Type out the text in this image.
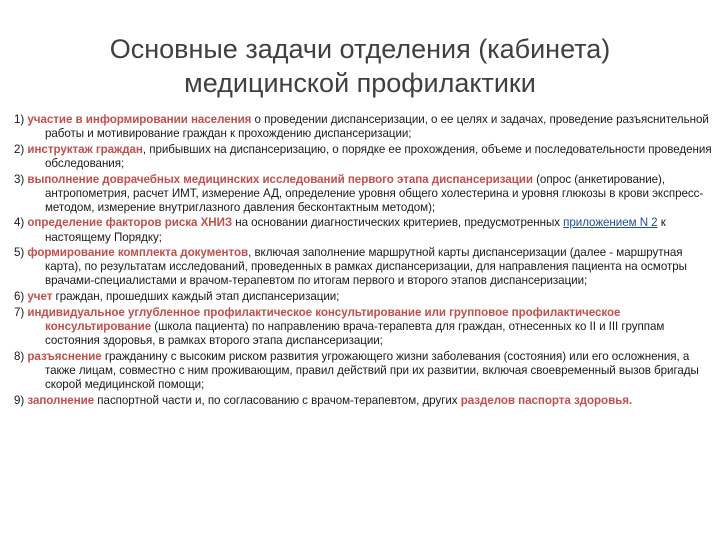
Основные задачи отделения (кабинета)
медицинской профилактики
1) участие в информировании населения о проведении диспансеризации, о ее целях и задачах, проведение разъяснительной работы и мотивирование граждан к прохождению диспансеризации;
2) инструктаж граждан, прибывших на диспансеризацию, о порядке ее прохождения, объеме и последовательности проведения обследования;
3) выполнение доврачебных медицинских исследований первого этапа диспансеризации (опрос (анкетирование), антропометрия, расчет ИМТ, измерение АД, определение уровня общего холестерина и уровня глюкозы в крови экспресс-методом, измерение внутриглазного давления бесконтактным методом);
4) определение факторов риска ХНИЗ на основании диагностических критериев, предусмотренных приложением N 2 к настоящему Порядку;
5) формирование комплекта документов, включая заполнение маршрутной карты диспансеризации (далее - маршрутная карта), по результатам исследований, проведенных в рамках диспансеризации, для направления пациента на осмотры врачами-специалистами и врачом-терапевтом по итогам первого и второго этапов диспансеризации;
6) учет граждан, прошедших каждый этап диспансеризации;
7) индивидуальное углубленное профилактическое консультирование или групповое профилактическое консультирование (школа пациента) по направлению врача-терапевта для граждан, отнесенных ко II и III группам состояния здоровья, в рамках второго этапа диспансеризации;
8) разъяснение гражданину с высоким риском развития угрожающего жизни заболевания (состояния) или его осложнения, а также лицам, совместно с ним проживающим, правил действий при их развитии, включая своевременный вызов бригады скорой медицинской помощи;
9) заполнение паспортной части и, по согласованию с врачом-терапевтом, других разделов паспорта здоровья.
